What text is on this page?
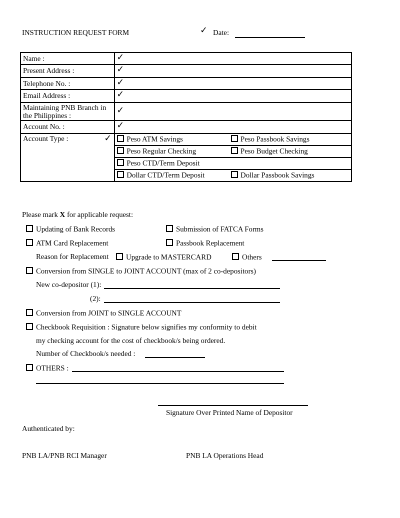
INSTRUCTION REQUEST FORM	✓ Date:
Name :	✓
Present Address :	✓
Telephone No. :	✓
Email Address :	✓
Maintaining PNB Branch in the Philippines :	✓
Account No. :	✓
Account Type : ✓	Peso ATM Savings Peso Passbook Savings
	Peso Regular Checking Peso Budget Checking
	Peso CTD/Term Deposit
	Dollar CTD/Term Deposit Dollar Passbook Savings
Please mark X for applicable request:
Updating of Bank Records	Submission of FATCA Forms
ATM Card Replacement	Passbook Replacement
Reason for Replacement	Upgrade to MASTERCARD	Others
Conversion from SINGLE to JOINT ACCOUNT (max of 2 co-depositors)
New co-depositor (1):
(2):
Conversion from JOINT to SINGLE ACCOUNT
Checkbook Requisition : Signature below signifies my conformity to debit
my checking account for the cost of checkbook/s being ordered.
Number of Checkbook/s needed :
OTHERS :
Signature Over Printed Name of Depositor
Authenticated by:
PNB LA/PNB RCI Manager	PNB LA Operations Head
